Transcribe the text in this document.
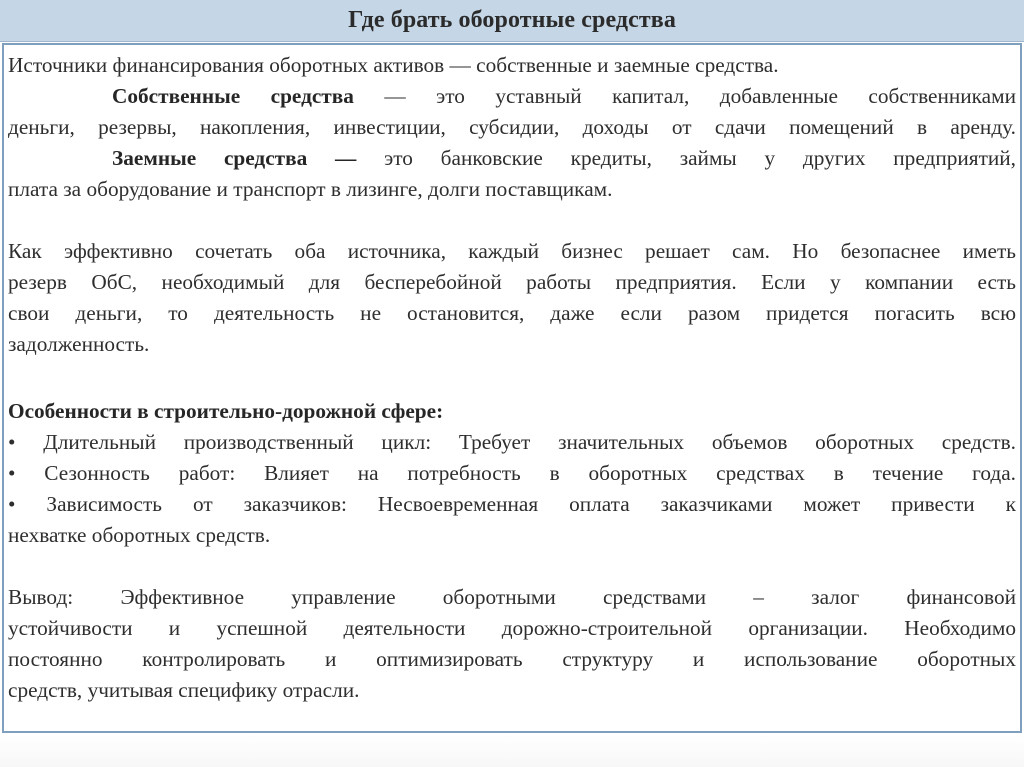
Где брать оборотные средства
Источники финансирования оборотных активов — собственные и заемные средства.
Собственные средства — это уставный капитал, добавленные собственниками
деньги, резервы, накопления, инвестиции, субсидии, доходы от сдачи помещений в аренду.
Заемные средства — это банковские кредиты, займы у других предприятий,
плата за оборудование и транспорт в лизинге, долги поставщикам.
Как эффективно сочетать оба источника, каждый бизнес решает сам. Но безопаснее иметь
резерв ОбС, необходимый для бесперебойной работы предприятия. Если у компании есть
свои деньги, то деятельность не остановится, даже если разом придется погасить всю
задолженность.
Особенности в строительно-дорожной сфере:
• Длительный производственный цикл: Требует значительных объемов оборотных средств.
• Сезонность работ: Влияет на потребность в оборотных средствах в течение года.
• Зависимость от заказчиков: Несвоевременная оплата заказчиками может привести к
нехватке оборотных средств.
Вывод: Эффективное управление оборотными средствами – залог финансовой
устойчивости и успешной деятельности дорожно-строительной организации. Необходимо
постоянно контролировать и оптимизировать структуру и использование оборотных
средств, учитывая специфику отрасли.
